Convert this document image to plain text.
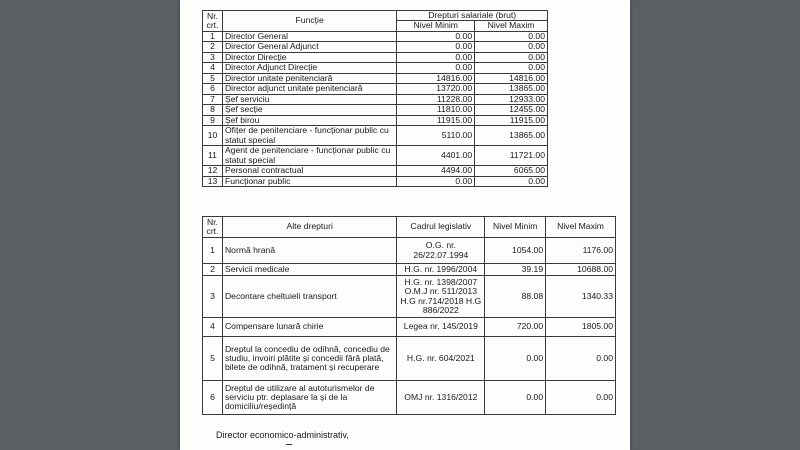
Nr. crt.	Funcție	Drepturi salariale (brut)	
		Nivel Minim	Nivel Maxim
1	Director General	0.00	0.00
2	Director General Adjunct	0.00	0.00
3	Director Direcție	0.00	0.00
4	Director Adjunct Direcție	0.00	0.00
5	Director unitate penitenciară	14816.00	14816.00
6	Director adjunct unitate penitenciară	13720.00	13865.00
7	Șef serviciu	11228.00	12933.00
8	Șef secție	11810.00	12455.00
9	Șef birou	11915.00	11915.00
10	Ofițer de penitenciare - funcționar public cu statut special	5110.00	13865.00
11	Agent de penitenciare - funcționar public cu statut special	4401.00	11721.00
12	Personal contractual	4494.00	6065.00
13	Funcționar public	0.00	0.00
Nr. crt.	Alte drepturi	Cadrul legislativ	Nivel Minim	Nivel Maxim
1	Normă hrană	O.G. nr. 26/22.07.1994	1054.00	1176.00
2	Servicii medicale	H.G. nr. 1996/2004	39.19	10688.00
3	Decontare cheltuieli transport	H.G. nr. 1398/2007 O.M.J nr. 511/2013 H.G nr.714/2018 H.G 886/2022	88.08	1340.33
4	Compensare lunară chirie	Legea nr. 145/2019	720.00	1805.00
5	Dreptul la concediu de odihnă, concediu de studiu, invoiri plătite și concedii fără plată, bilete de odihnă, tratament și recuperare	H.G. nr. 604/2021	0.00	0.00
6	Dreptul de utilizare al autoturismelor de serviciu ptr. deplasare la și de la domiciliu/reședință	OMJ nr. 1316/2012	0.00	0.00
Director economico-administrativ,
